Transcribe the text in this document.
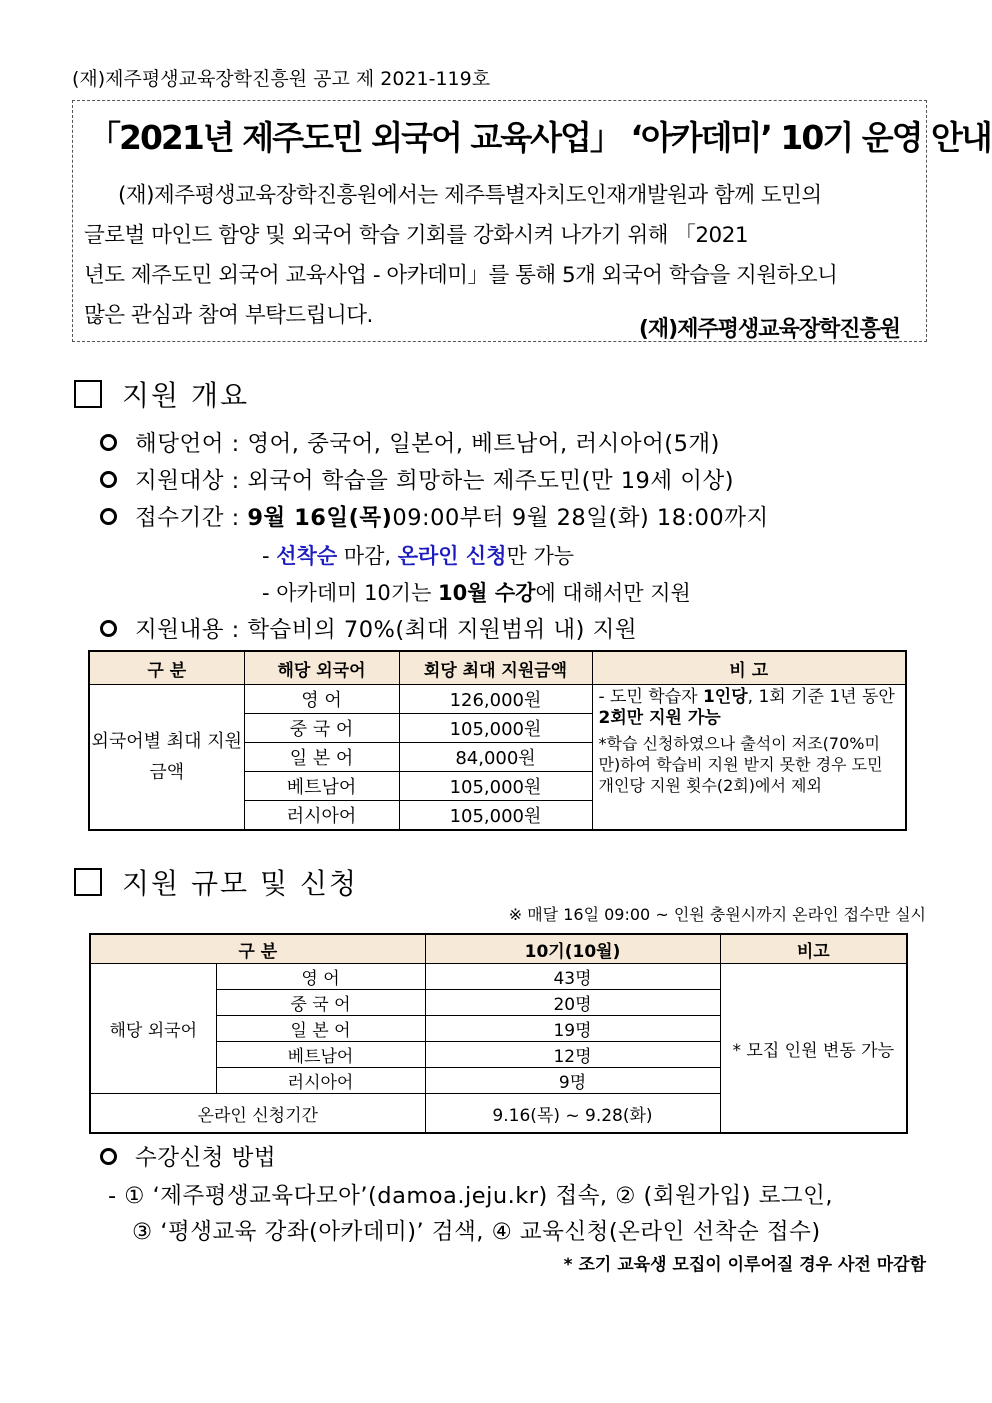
(재)제주평생교육장학진흥원 공고 제 2021-119호
「2021년 제주도민 외국어 교육사업」 ‘아카데미’ 10기 운영 안내
(재)제주평생교육장학진흥원에서는 제주특별자치도인재개발원과 함께 도민의
글로벌 마인드 함양 및 외국어 학습 기회를 강화시켜 나가기 위해 「2021
년도 제주도민 외국어 교육사업 - 아카데미」를 통해 5개 외국어 학습을 지원하오니
많은 관심과 참여 부탁드립니다.
(재)제주평생교육장학진흥원
지원 개요
해당언어 : 영어, 중국어, 일본어, 베트남어, 러시아어(5개)
지원대상 : 외국어 학습을 희망하는 제주도민(만 19세 이상)
접수기간 :
9월 16일(목) 09:00부터 9월 28일(화) 18:00까지
- 선착순 마감, 온라인 신청만 가능
- 아카데미 10기는 10월 수강에 대해서만 지원
지원내용 : 학습비의 70%(최대 지원범위 내) 지원
구 분	해당 외국어	회당 최대 지원금액	비 고
외국어별 최대 지원금액	영 어	126,000원	- 도민 학습자 1인당, 1회 기준 1년 동안 2회만 지원 가능
*학습 신청하였으나 출석이 저조(70%미만)하여 학습비 지원 받지 못한 경우 도민 개인당 지원 횟수(2회)에서 제외

	중 국 어	105,000원	
	일 본 어	84,000원	
	베트남어	105,000원	
	러시아어	105,000원	
지원 규모 및 신청
※ 매달 16일 09:00 ~ 인원 충원시까지 온라인 접수만 실시
구 분		10기(10월)	비고
해당 외국어	영 어	43명	* 모집 인원 변동 가능
	중 국 어	20명	
	일 본 어	19명	
	베트남어	12명	
	러시아어	9명	
온라인 신청기간		9.16(목) ~ 9.28(화)	
수강신청 방법
- ① ‘제주평생교육다모아’(damoa.jeju.kr) 접속, ② (회원가입) 로그인,
③ ‘평생교육 강좌(아카데미)’ 검색, ④ 교육신청(온라인 선착순 접수)
* 조기 교육생 모집이 이루어질 경우 사전 마감함
